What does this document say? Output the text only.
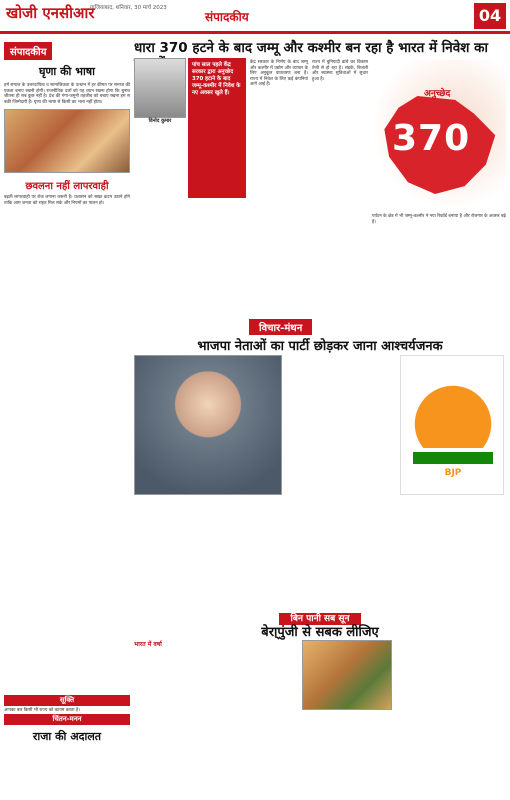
खोजी एनसीआर
गाजियाबाद, शनिवार, 30 मार्च 2023
संपादकीय	04
संपादकीय
घृणा की भाषा
हमें समाज के उत्तरदायित्व व सामाजिकता के उत्थान में हर कीमत पर समाज की एकता बनाए रखनी होगी। राजनीतिक दलों को यह ध्यान रखना होगा कि चुनाव जीतना ही सब कुछ नहीं है। देश की गंगा-जमुनी तहजीब को बचाए रखना हम सबकी जिम्मेदारी है। घृणा की भाषा से किसी का भला नहीं होता।
छवलना नहीं लापरवाही
बढ़ती लापरवाही पर रोक लगाना जरूरी है। प्रशासन को सख्त कदम उठाने होंगे ताकि आम जनता को राहत मिल सके और नियमों का पालन हो।
सूक्ति
आपका बल किसी भी राज्य को कायम करता है।
चिंतन-मनन
राजा की अदालत
धारा 370 हटने के बाद जम्मू और कश्मीर बन रहा है भारत में निवेश का
विनोद कुमार
पांच साल पहले केंद्र सरकार द्वारा अनुच्छेद 370 हटाने के बाद जम्मू-कश्मीर में निवेश के नए अवसर खुले हैं।
केंद्र सरकार के निर्णय के बाद जम्मू और कश्मीर में उद्योग और व्यापार के लिए अनुकूल वातावरण बना है। राज्य में निवेश के लिए कई कंपनियां आगे आई हैं।
राज्य में बुनियादी ढांचे का विकास तेजी से हो रहा है। सड़कें, बिजली और स्वास्थ्य सुविधाओं में सुधार हुआ है।
पर्यटन के क्षेत्र में भी जम्मू-कश्मीर ने नया रिकॉर्ड बनाया है और रोजगार के अवसर बढ़े हैं।
अनुच्छेद
370
विचार-मंथन
भाजपा नेताओं का पार्टी छोड़कर जाना आश्चर्यजनक
BJP
बिन पानी सब सून
बेरा्पुंजी से सबक लीजिए
भारत में वर्षा
